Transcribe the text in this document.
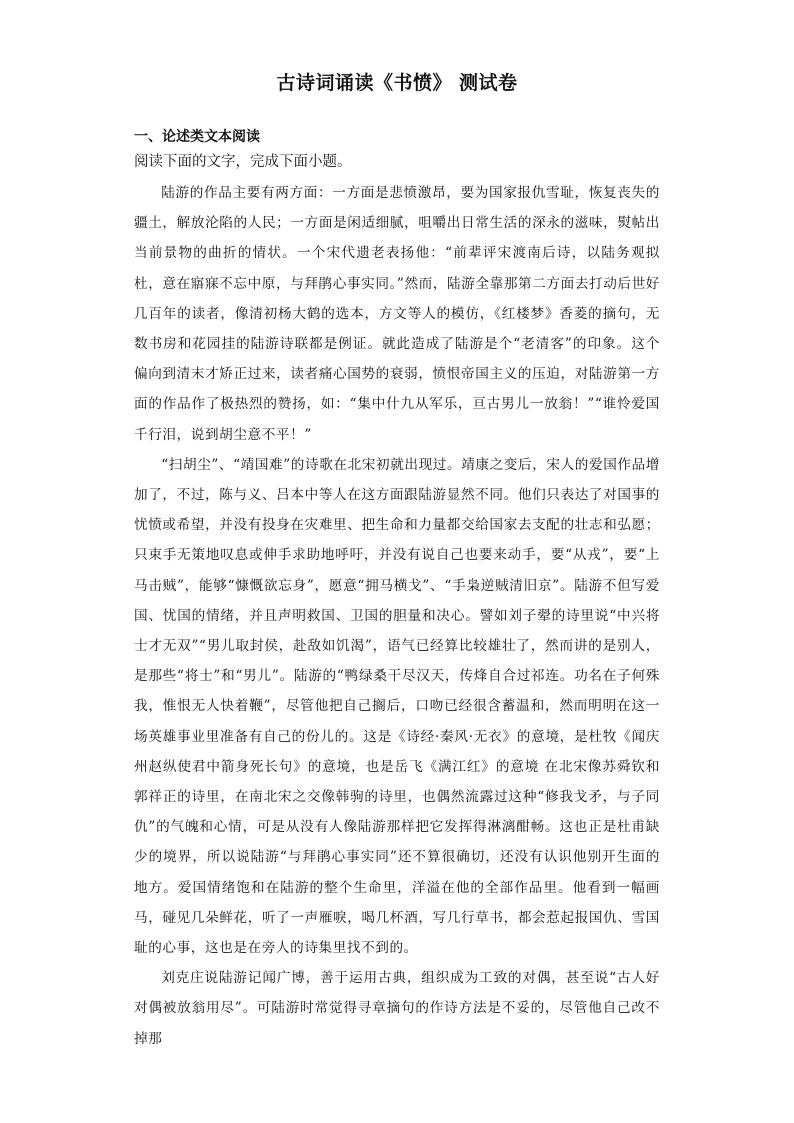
古诗词诵读《书愤》 测试卷
一、论述类文本阅读
阅读下面的文字，完成下面小题。

陆游的作品主要有两方面：一方面是悲愤激昂，要为国家报仇雪耻，恢复丧失的疆土，解放沦陷的人民；一方面是闲适细腻，咀嚼出日常生活的深永的滋味，熨帖出当前景物的曲折的情状。一个宋代遗老表扬他：“前辈评宋渡南后诗，以陆务观拟杜，意在寤寐不忘中原，与拜鹃心事实同。”然而，陆游全靠那第二方面去打动后世好几百年的读者，像清初杨大鹤的选本，方文等人的模仿，《红楼梦》香菱的摘句，无数书房和花园挂的陆游诗联都是例证。就此造成了陆游是个“老清客”的印象。这个偏向到清末才矫正过来，读者痛心国势的衰弱，愤恨帝国主义的压迫，对陆游第一方面的作品作了极热烈的赞扬，如：“集中什九从军乐，亘古男儿一放翁！”“谁怜爱国千行泪，说到胡尘意不平！”

“扫胡尘”、“靖国难”的诗歌在北宋初就出现过。靖康之变后，宋人的爱国作品增加了，不过，陈与义、吕本中等人在这方面跟陆游显然不同。他们只表达了对国事的忧愤或希望，并没有投身在灾难里、把生命和力量都交给国家去支配的壮志和弘愿；只束手无策地叹息或伸手求助地呼吁，并没有说自己也要来动手，要“从戎”，要“上马击贼”，能够“慷慨欲忘身”，愿意“拥马横戈”、“手枭逆贼清旧京”。陆游不但写爱国、忧国的情绪，并且声明救国、卫国的胆量和决心。譬如刘子翚的诗里说“中兴将士才无双”“男儿取封侯，赴敌如饥渴”，语气已经算比较雄壮了，然而讲的是别人，是那些“将士”和“男儿”。陆游的“鸭绿桑干尽汉天，传烽自合过祁连。功名在子何殊我，惟恨无人快着鞭”，尽管他把自己搁后，口吻已经很含蓄温和，然而明明在这一场英雄事业里准备有自己的份儿的。这是《诗经·秦风·无衣》的意境，是杜牧《闻庆州赵纵使君中箭身死长句》的意境，也是岳飞《满江红》的意境 在北宋像苏舜钦和郭祥正的诗里，在南北宋之交像韩驹的诗里，也偶然流露过这种“修我戈矛，与子同仇”的气魄和心情，可是从没有人像陆游那样把它发挥得淋漓酣畅。这也正是杜甫缺少的境界，所以说陆游“与拜鹃心事实同”还不算很确切，还没有认识他别开生面的地方。爱国情绪饱和在陆游的整个生命里，洋溢在他的全部作品里。他看到一幅画马，碰见几朵鲜花，听了一声雁唳，喝几杯酒，写几行草书，都会惹起报国仇、雪国耻的心事，这也是在旁人的诗集里找不到的。

刘克庄说陆游记闻广博，善于运用古典，组织成为工致的对偶，甚至说“古人好对偶被放翁用尽”。可陆游时常觉得寻章摘句的作诗方法是不妥的，尽管他自己改不掉那
